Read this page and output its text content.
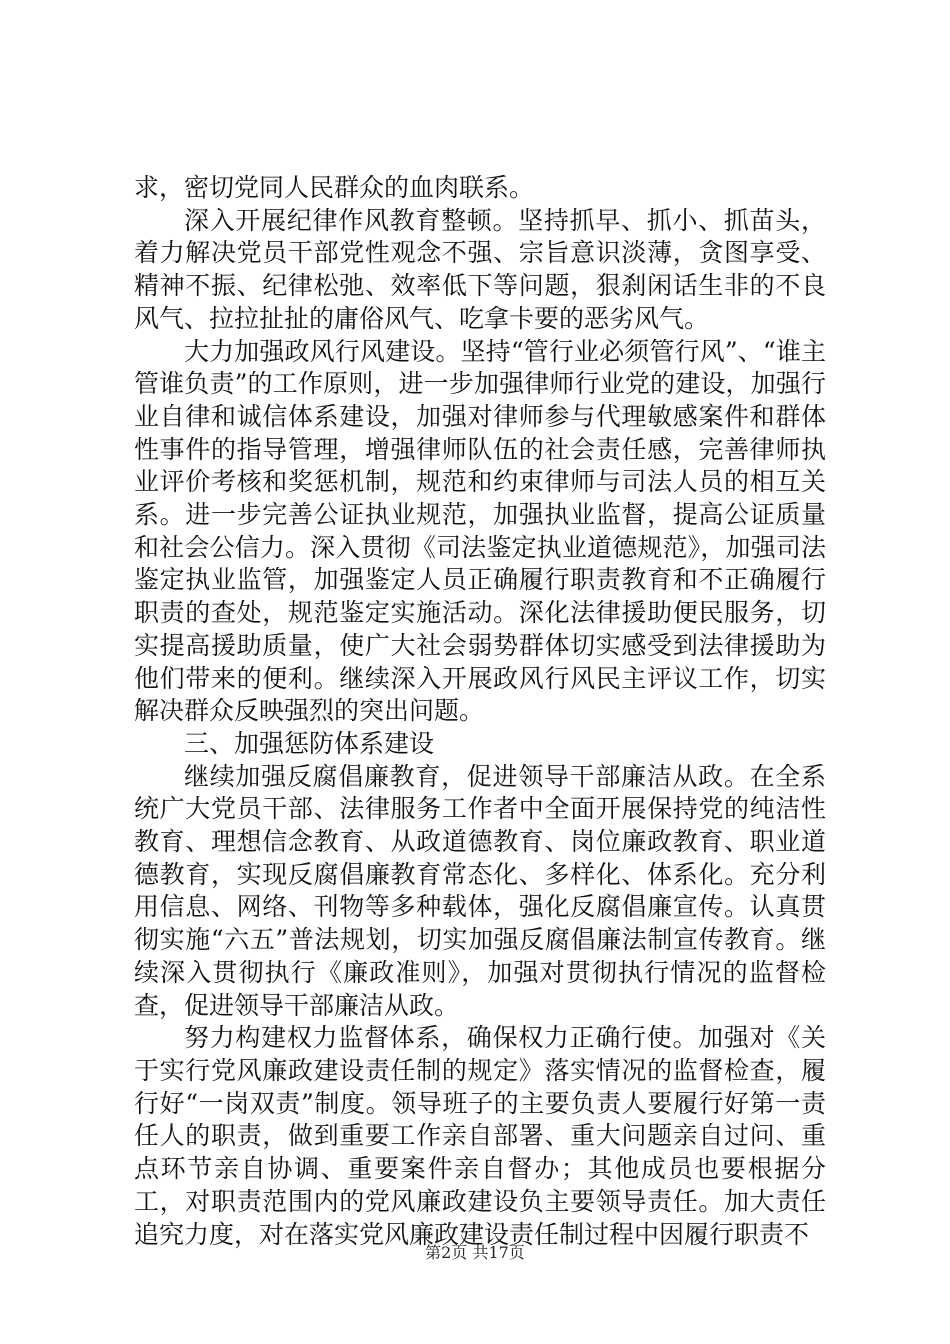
求，密切党同人民群众的血肉联系。

深入开展纪律作风教育整顿。坚持抓早、抓小、抓苗头，着力解决党员干部党性观念不强、宗旨意识淡薄，贪图享受、精神不振、纪律松弛、效率低下等问题，狠刹闲话生非的不良风气、拉拉扯扯的庸俗风气、吃拿卡要的恶劣风气。

大力加强政风行风建设。坚持“管行业必须管行风”、“谁主管谁负责”的工作原则，进一步加强律师行业党的建设，加强行业自律和诚信体系建设，加强对律师参与代理敏感案件和群体性事件的指导管理，增强律师队伍的社会责任感，完善律师执业评价考核和奖惩机制，规范和约束律师与司法人员的相互关系。进一步完善公证执业规范，加强执业监督，提高公证质量和社会公信力。深入贯彻《司法鉴定执业道德规范》，加强司法鉴定执业监管，加强鉴定人员正确履行职责教育和不正确履行职责的查处，规范鉴定实施活动。深化法律援助便民服务，切实提高援助质量，使广大社会弱势群体切实感受到法律援助为他们带来的便利。继续深入开展政风行风民主评议工作，切实解决群众反映强烈的突出问题。

三、加强惩防体系建设

继续加强反腐倡廉教育，促进领导干部廉洁从政。在全系统广大党员干部、法律服务工作者中全面开展保持党的纯洁性教育、理想信念教育、从政道德教育、岗位廉政教育、职业道德教育，实现反腐倡廉教育常态化、多样化、体系化。充分利用信息、网络、刊物等多种载体，强化反腐倡廉宣传。认真贯彻实施“六五”普法规划，切实加强反腐倡廉法制宣传教育。继续深入贯彻执行《廉政准则》，加强对贯彻执行情况的监督检查，促进领导干部廉洁从政。

努力构建权力监督体系，确保权力正确行使。加强对《关于实行党风廉政建设责任制的规定》落实情况的监督检查，履行好“一岗双责”制度。领导班子的主要负责人要履行好第一责任人的职责，做到重要工作亲自部署、重大问题亲自过问、重点环节亲自协调、重要案件亲自督办；其他成员也要根据分工，对职责范围内的党风廉政建设负主要领导责任。加大责任追究力度，对在落实党风廉政建设责任制过程中因履行职责不

第2页 共17页
